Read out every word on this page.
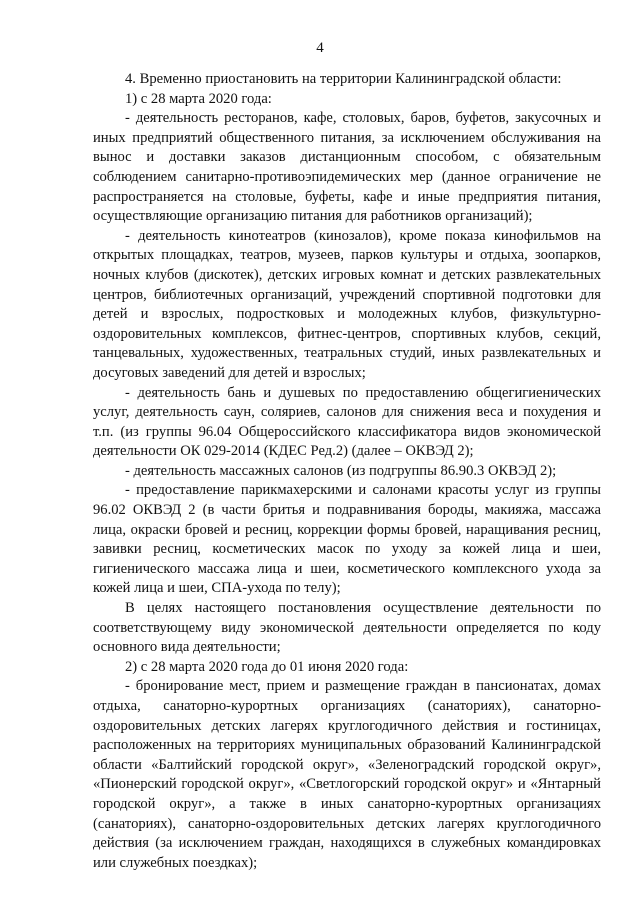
4

4. Временно приостановить на территории Калининградской области:

1) с 28 марта 2020 года:

- деятельность ресторанов, кафе, столовых, баров, буфетов, закусочных и иных предприятий общественного питания, за исключением обслуживания на вынос и доставки заказов дистанционным способом, с обязательным соблюдением санитарно-противоэпидемических мер (данное ограничение не распространяется на столовые, буфеты, кафе и иные предприятия питания, осуществляющие организацию питания для работников организаций);

- деятельность кинотеатров (кинозалов), кроме показа кинофильмов на открытых площадках, театров, музеев, парков культуры и отдыха, зоопарков, ночных клубов (дискотек), детских игровых комнат и детских развлекательных центров, библиотечных организаций, учреждений спортивной подготовки для детей и взрослых, подростковых и молодежных клубов, физкультурно-оздоровительных комплексов, фитнес-центров, спортивных клубов, секций, танцевальных, художественных, театральных студий, иных развлекательных и досуговых заведений для детей и взрослых;

- деятельность бань и душевых по предоставлению общегигиенических услуг, деятельность саун, соляриев, салонов для снижения веса и похудения и т.п. (из группы 96.04 Общероссийского классификатора видов экономической деятельности ОК 029-2014 (КДЕС Ред.2) (далее – ОКВЭД 2);

- деятельность массажных салонов (из подгруппы 86.90.3 ОКВЭД 2);

- предоставление парикмахерскими и салонами красоты услуг из группы 96.02 ОКВЭД 2 (в части бритья и подравнивания бороды, макияжа, массажа лица, окраски бровей и ресниц, коррекции формы бровей, наращивания ресниц, завивки ресниц, косметических масок по уходу за кожей лица и шеи, гигиенического массажа лица и шеи, косметического комплексного ухода за кожей лица и шеи, СПА-ухода по телу);

В целях настоящего постановления осуществление деятельности по соответствующему виду экономической деятельности определяется по коду основного вида деятельности;

2) с 28 марта 2020 года до 01 июня 2020 года:

- бронирование мест, прием и размещение граждан в пансионатах, домах отдыха, санаторно-курортных организациях (санаториях), санаторно-оздоровительных детских лагерях круглогодичного действия и гостиницах, расположенных на территориях муниципальных образований Калининградской области «Балтийский городской округ», «Зеленоградский городской округ», «Пионерский городской округ», «Светлогорский городской округ» и «Янтарный городской округ», а также в иных санаторно-курортных организациях (санаториях), санаторно-оздоровительных детских лагерях круглогодичного действия (за исключением граждан, находящихся в служебных командировках или служебных поездках);
